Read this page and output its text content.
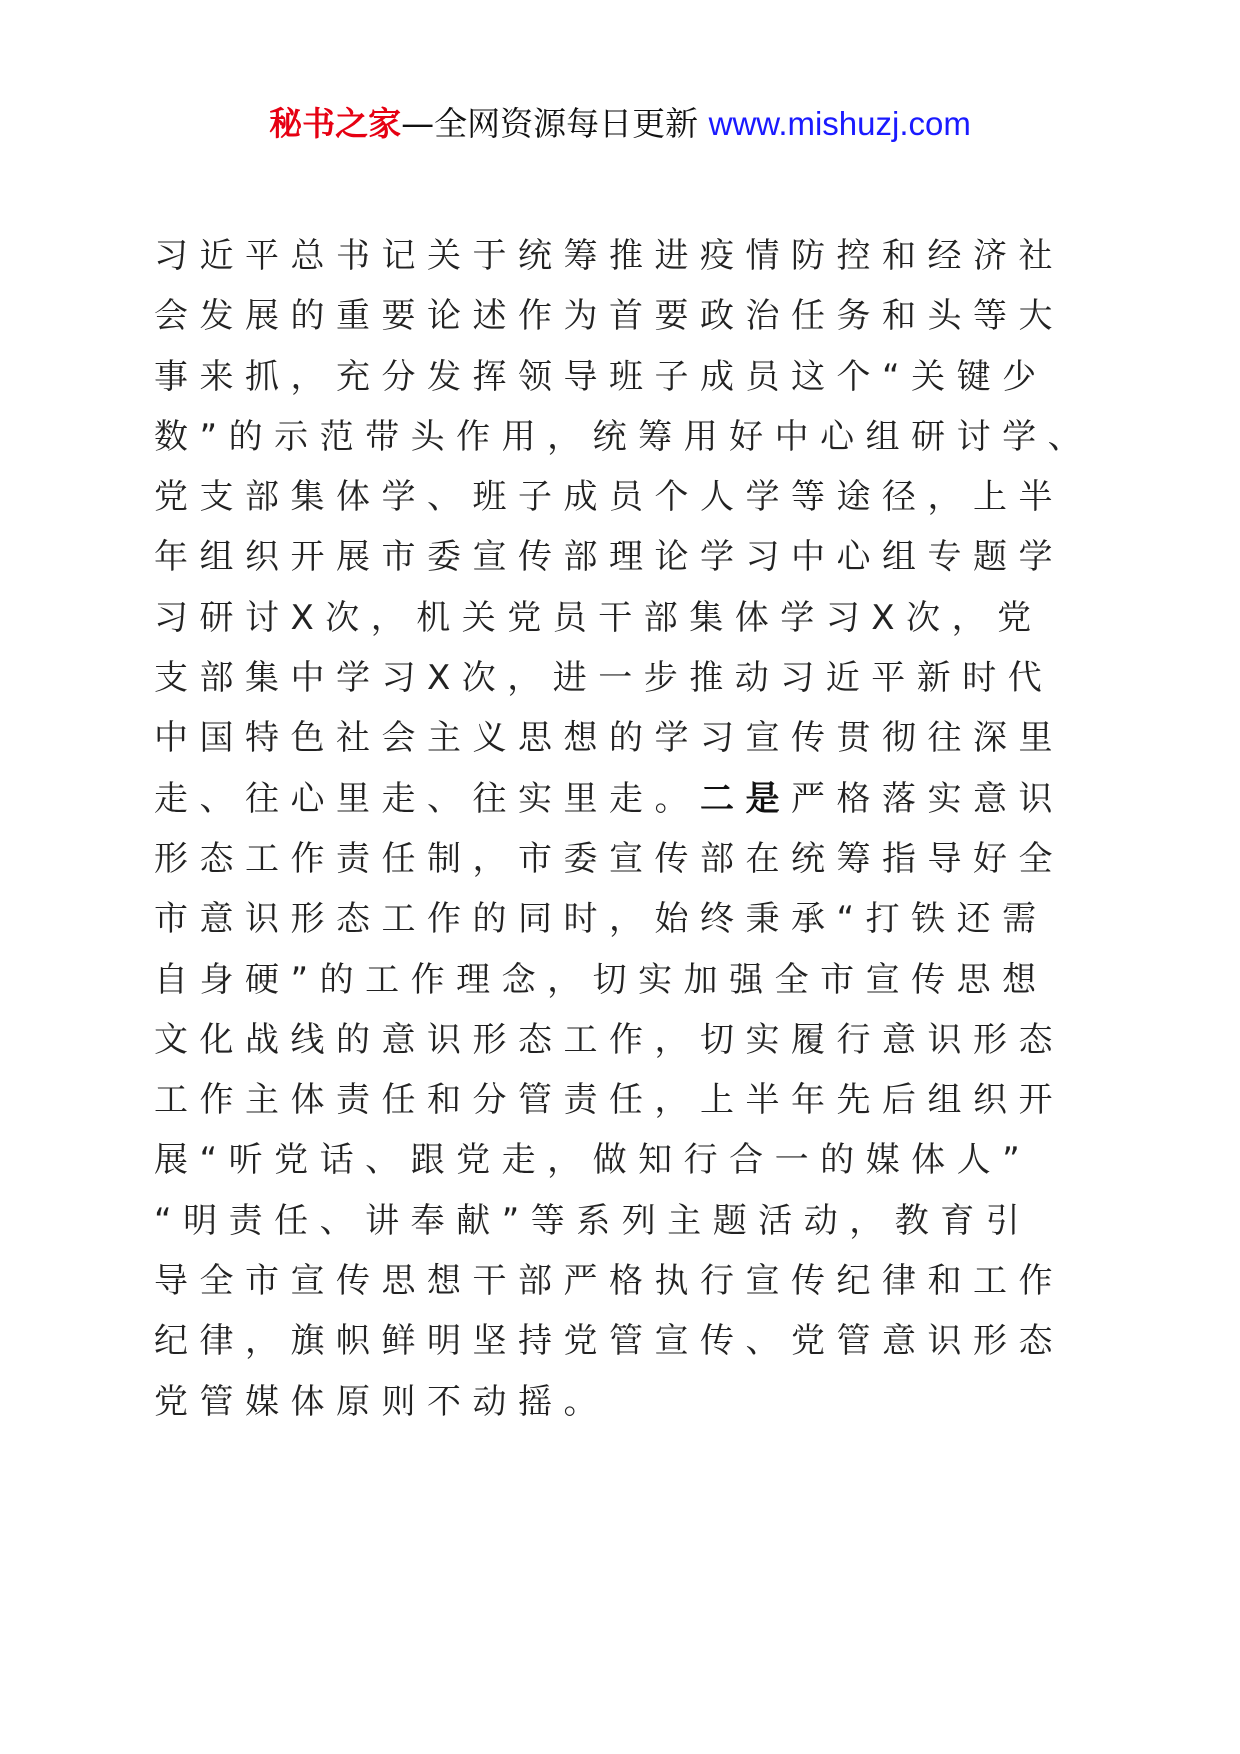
秘书之家—全网资源每日更新 www.mishuzj.com
习近平总书记关于统筹推进疫情防控和经济社
会发展的重要论述作为首要政治任务和头等大
事来抓，充分发挥领导班子成员这个“关键少
数”的示范带头作用，统筹用好中心组研讨学、
党支部集体学、班子成员个人学等途径，上半
年组织开展市委宣传部理论学习中心组专题学
习研讨X次，机关党员干部集体学习X次，党
支部集中学习X次，进一步推动习近平新时代
中国特色社会主义思想的学习宣传贯彻往深里
走、往心里走、往实里走。二是严格落实意识
形态工作责任制，市委宣传部在统筹指导好全
市意识形态工作的同时，始终秉承“打铁还需
自身硬”的工作理念，切实加强全市宣传思想
文化战线的意识形态工作，切实履行意识形态
工作主体责任和分管责任，上半年先后组织开
展“听党话、跟党走，做知行合一的媒体人”
“明责任、讲奉献”等系列主题活动，教育引
导全市宣传思想干部严格执行宣传纪律和工作
纪律，旗帜鲜明坚持党管宣传、党管意识形态
党管媒体原则不动摇。
